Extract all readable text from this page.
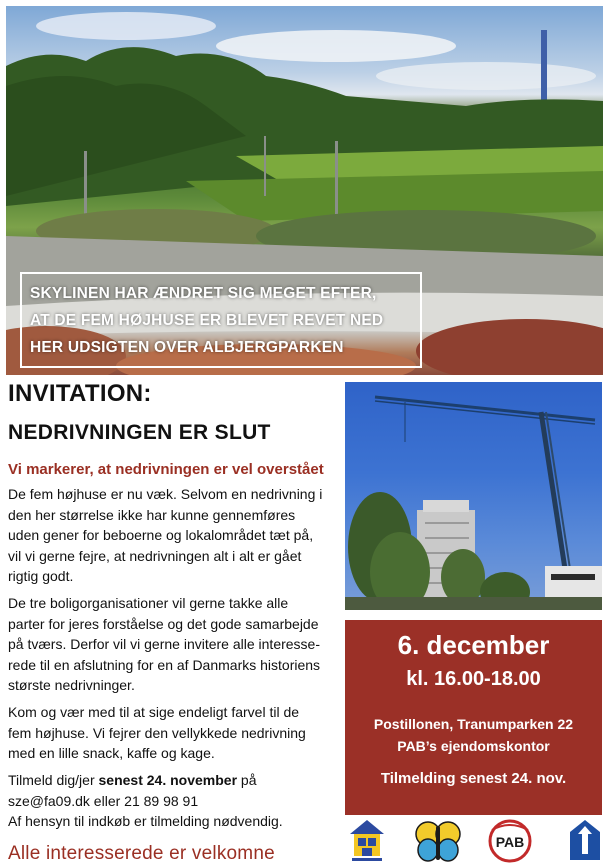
SKYLINEN HAR ÆNDRET SIG MEGET EFTER,
AT DE FEM HØJHUSE ER BLEVET REVET NED
HER UDSIGTEN OVER ALBJERGPARKEN
INVITATION:
NEDRIVNINGEN ER SLUT
Vi markerer, at nedrivningen er vel overstået
De fem højhuse er nu væk. Selvom en nedrivning i
den her størrelse ikke har kunne gennemføres
uden gener for beboerne og lokalområdet tæt på,
vil vi gerne fejre, at nedrivningen alt i alt er gået
rigtig godt.
De tre boligorganisationer vil gerne takke alle
parter for jeres forståelse og det gode samarbejde
på tværs. Derfor vil vi gerne invitere alle interesse-
rede til en afslutning for en af Danmarks historiens
største nedrivninger.
Kom og vær med til at sige endeligt farvel til de
fem højhuse. Vi fejrer den vellykkede nedrivning
med en lille snack, kaffe og kage.
Tilmeld dig/jer senest 24. november på
sze@fa09.dk eller 21 89 98 91
Af hensyn til indkøb er tilmelding nødvendig.
Alle interesserede er velkomne
6. december
kl. 16.00-18.00
Postillonen, Tranumparken 22
PAB’s ejendomskontor
Tilmelding senest 24. nov.
PAB
